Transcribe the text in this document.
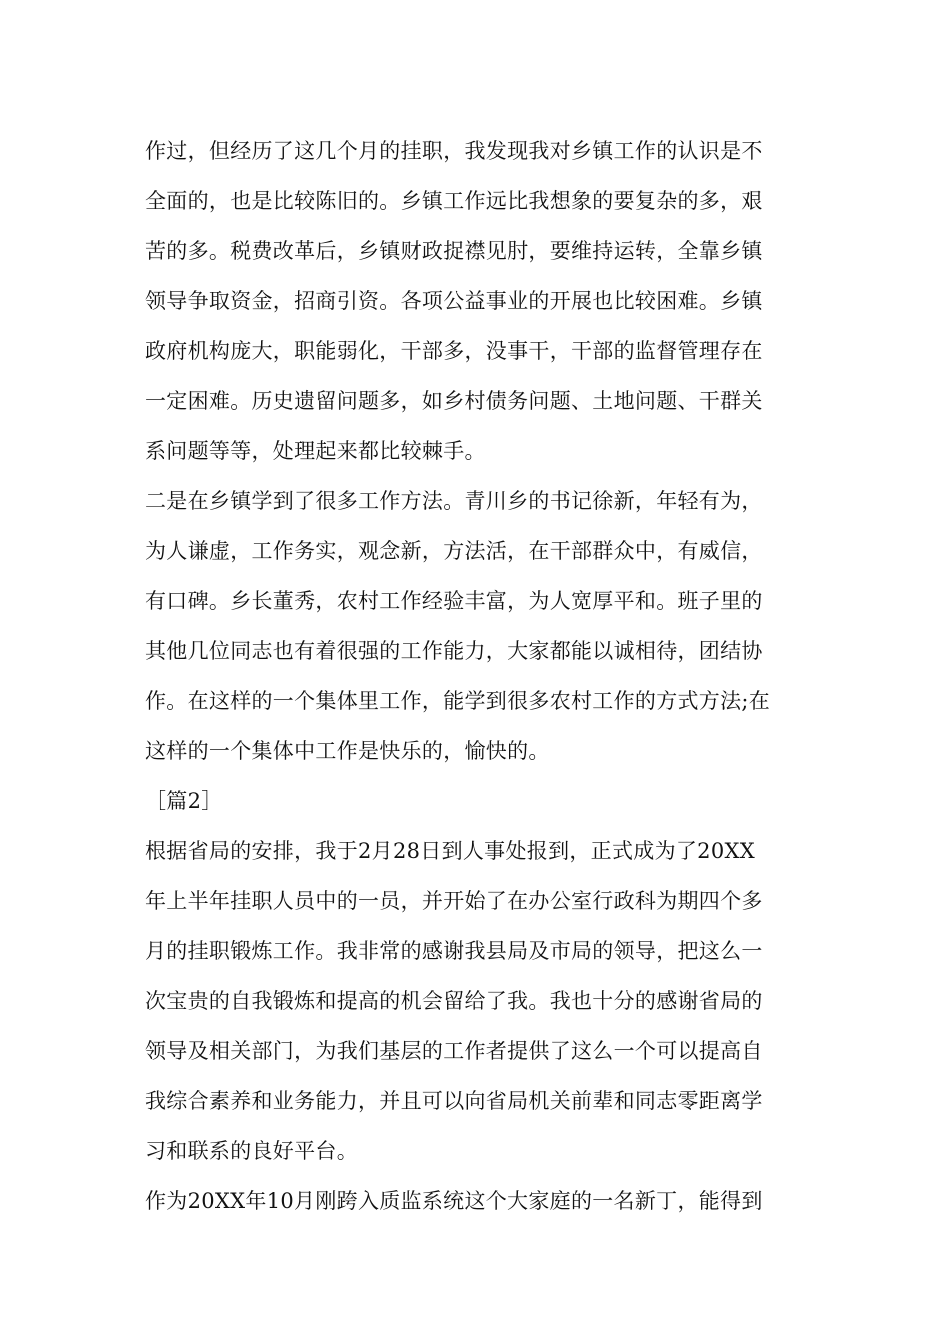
作过，但经历了这几个月的挂职，我发现我对乡镇工作的认识是不
全面的，也是比较陈旧的。乡镇工作远比我想象的要复杂的多，艰
苦的多。税费改革后，乡镇财政捉襟见肘，要维持运转，全靠乡镇
领导争取资金，招商引资。各项公益事业的开展也比较困难。乡镇
政府机构庞大，职能弱化，干部多，没事干，干部的监督管理存在
一定困难。历史遗留问题多，如乡村债务问题、土地问题、干群关
系问题等等，处理起来都比较棘手。
二是在乡镇学到了很多工作方法。青川乡的书记徐新，年轻有为，
为人谦虚，工作务实，观念新，方法活，在干部群众中，有威信，
有口碑。乡长董秀，农村工作经验丰富，为人宽厚平和。班子里的
其他几位同志也有着很强的工作能力，大家都能以诚相待，团结协
作。在这样的一个集体里工作，能学到很多农村工作的方式方法;在
这样的一个集体中工作是快乐的，愉快的。
［篇2］
根据省局的安排，我于2月28日到人事处报到，正式成为了20XX
年上半年挂职人员中的一员，并开始了在办公室行政科为期四个多
月的挂职锻炼工作。我非常的感谢我县局及市局的领导，把这么一
次宝贵的自我锻炼和提高的机会留给了我。我也十分的感谢省局的
领导及相关部门，为我们基层的工作者提供了这么一个可以提高自
我综合素养和业务能力，并且可以向省局机关前辈和同志零距离学
习和联系的良好平台。
作为20XX年10月刚跨入质监系统这个大家庭的一名新丁，能得到
